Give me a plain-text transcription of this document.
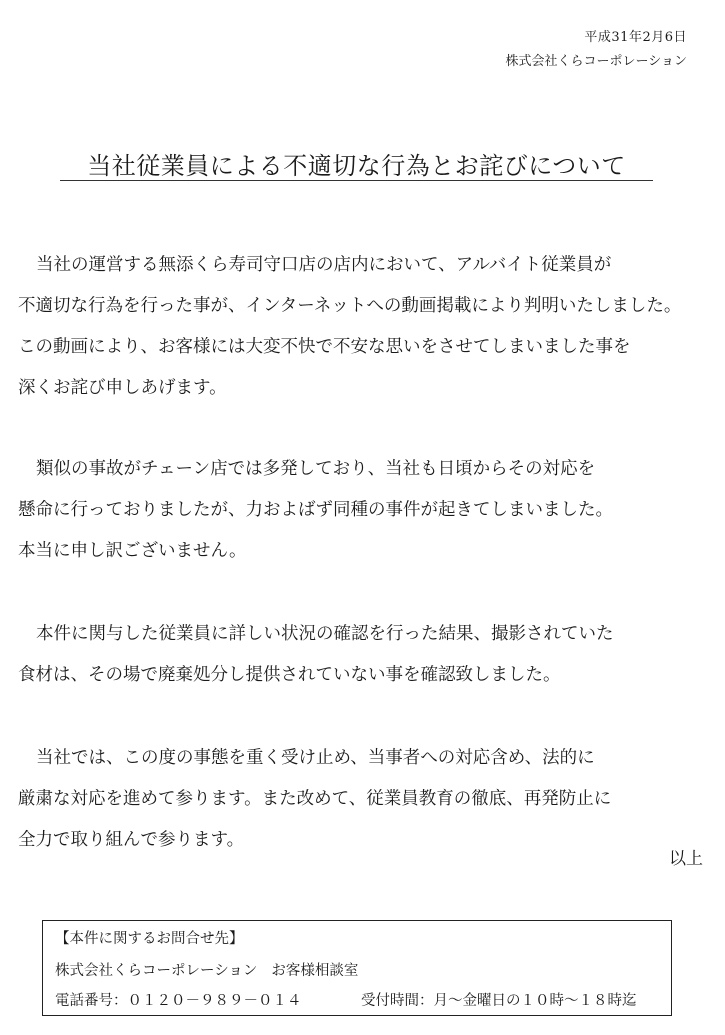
平成31年2月6日
株式会社くらコーポレーション
当社従業員による不適切な行為とお詫びについて
当社の運営する無添くら寿司守口店の店内において、アルバイト従業員が
不適切な行為を行った事が、インターネットへの動画掲載により判明いたしました。
この動画により、お客様には大変不快で不安な思いをさせてしまいました事を
深くお詫び申しあげます。
類似の事故がチェーン店では多発しており、当社も日頃からその対応を
懸命に行っておりましたが、力およばず同種の事件が起きてしまいました。
本当に申し訳ございません。
本件に関与した従業員に詳しい状況の確認を行った結果、撮影されていた
食材は、その場で廃棄処分し提供されていない事を確認致しました。
当社では、この度の事態を重く受け止め、当事者への対応含め、法的に
厳粛な対応を進めて参ります。また改めて、従業員教育の徹底、再発防止に
全力で取り組んで参ります。
以上
【本件に関するお問合せ先】
株式会社くらコーポレーション お客様相談室
電話番号：０１２０－９８９－０１４	受付時間：月～金曜日の１０時～１８時迄
